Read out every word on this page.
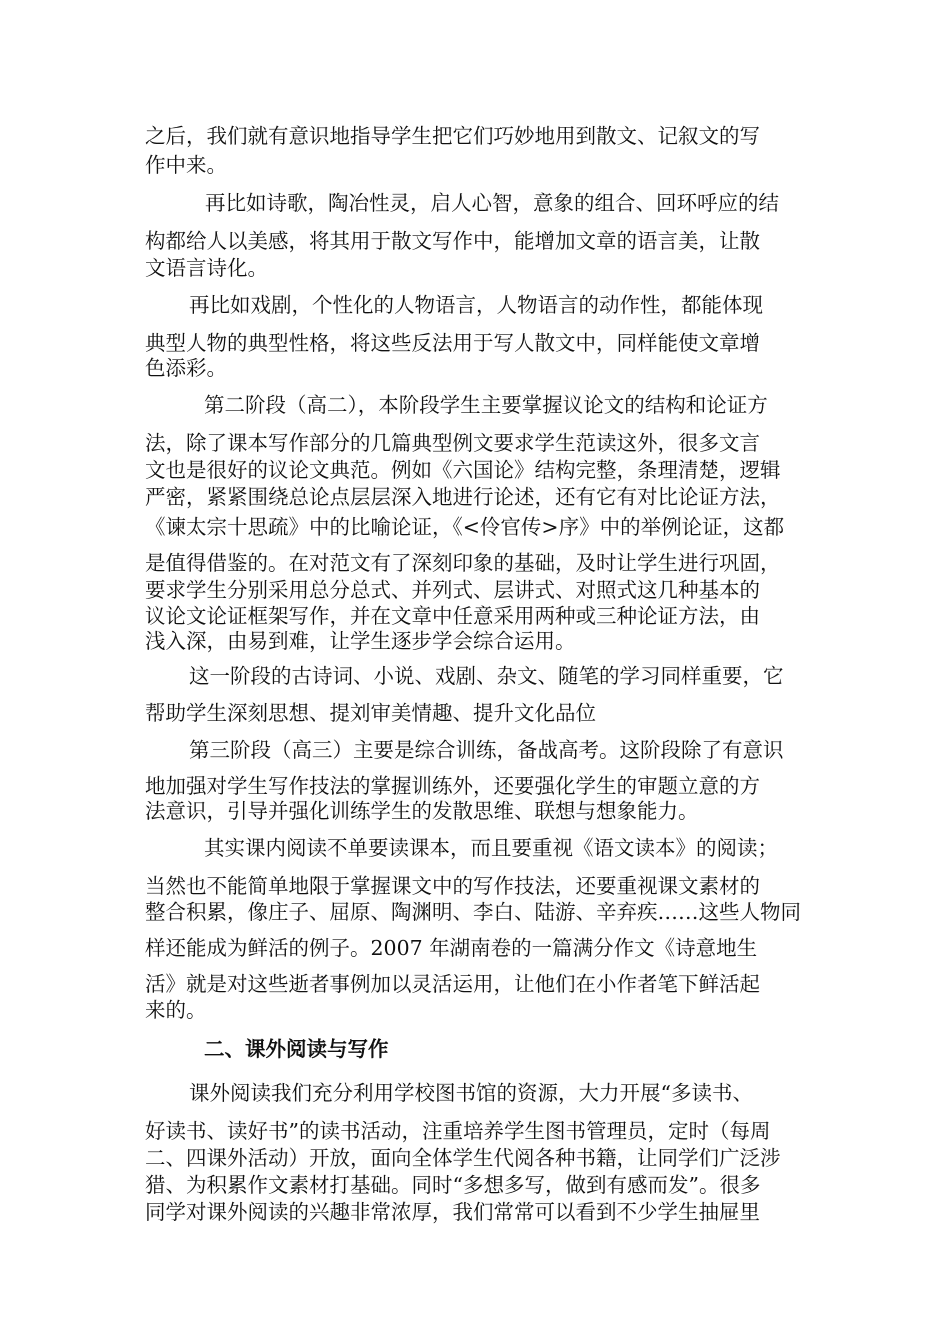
之后，我们就有意识地指导学生把它们巧妙地用到散文、记叙文的写
作中来。
再比如诗歌，陶冶性灵，启人心智，意象的组合、回环呼应的结
构都给人以美感，将其用于散文写作中，能增加文章的语言美，让散
文语言诗化。
再比如戏剧，个性化的人物语言，人物语言的动作性，都能体现
典型人物的典型性格，将这些反法用于写人散文中，同样能使文章增
色添彩。
第二阶段（高二），本阶段学生主要掌握议论文的结构和论证方
法，除了课本写作部分的几篇典型例文要求学生范读这外，很多文言
文也是很好的议论文典范。例如《六国论》结构完整，条理清楚，逻辑
严密，紧紧围绕总论点层层深入地进行论述，还有它有对比论证方法，
《谏太宗十思疏》中的比喻论证，《<伶官传>序》中的举例论证，这都
是值得借鉴的。在对范文有了深刻印象的基础，及时让学生进行巩固，
要求学生分别采用总分总式、并列式、层讲式、对照式这几种基本的
议论文论证框架写作，并在文章中任意采用两种或三种论证方法，由
浅入深，由易到难，让学生逐步学会综合运用。
这一阶段的古诗词、小说、戏剧、杂文、随笔的学习同样重要，它
帮助学生深刻思想、提刘审美情趣、提升文化品位
第三阶段（高三）主要是综合训练，备战高考。这阶段除了有意识
地加强对学生写作技法的掌握训练外，还要强化学生的审题立意的方
法意识，引导并强化训练学生的发散思维、联想与想象能力。
其实课内阅读不单要读课本，而且要重视《语文读本》的阅读；
当然也不能简单地限于掌握课文中的写作技法，还要重视课文素材的
整合积累，像庄子、屈原、陶渊明、李白、陆游、辛弃疾……这些人物同
样还能成为鲜活的例子。2007 年湖南卷的一篇满分作文《诗意地生
活》就是对这些逝者事例加以灵活运用，让他们在小作者笔下鲜活起
来的。
二、课外阅读与写作
课外阅读我们充分利用学校图书馆的资源，大力开展“多读书、
好读书、读好书”的读书活动，注重培养学生图书管理员，定时（每周
二、四课外活动）开放，面向全体学生代阅各种书籍，让同学们广泛涉
猎、为积累作文素材打基础。同时“多想多写，做到有感而发”。很多
同学对课外阅读的兴趣非常浓厚，我们常常可以看到不少学生抽屉里
